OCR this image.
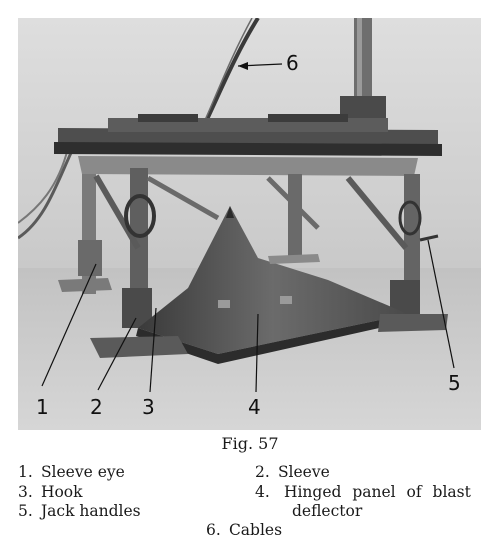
1 2 3	4
5
6
Fig. 57
1. Sleeve eye	2. Sleeve
3. Hook	4. Hinged panel of blast
5. Jack handles	deflector
6. Cables
